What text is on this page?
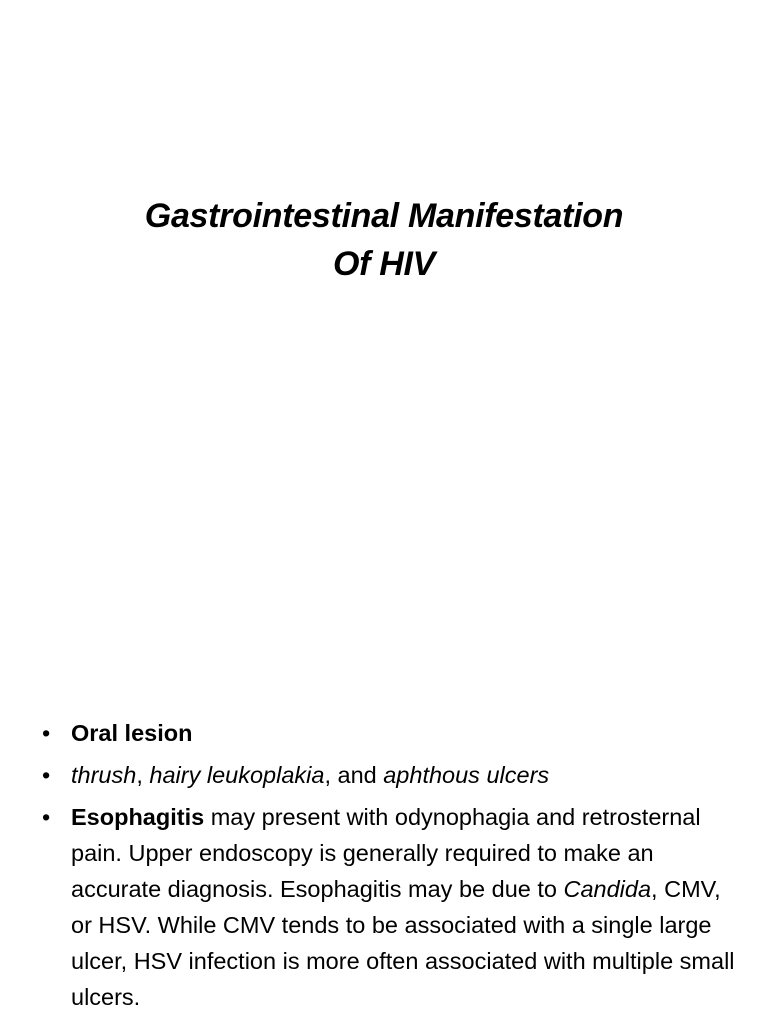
Gastrointestinal Manifestation
Of HIV
• Oral lesion
• thrush, hairy leukoplakia, and aphthous ulcers
• Esophagitis may present with odynophagia and retrosternal pain. Upper endoscopy is generally required to make an accurate diagnosis. Esophagitis may be due to Candida, CMV, or HSV. While CMV tends to be associated with a single large ulcer, HSV infection is more often associated with multiple small ulcers.
